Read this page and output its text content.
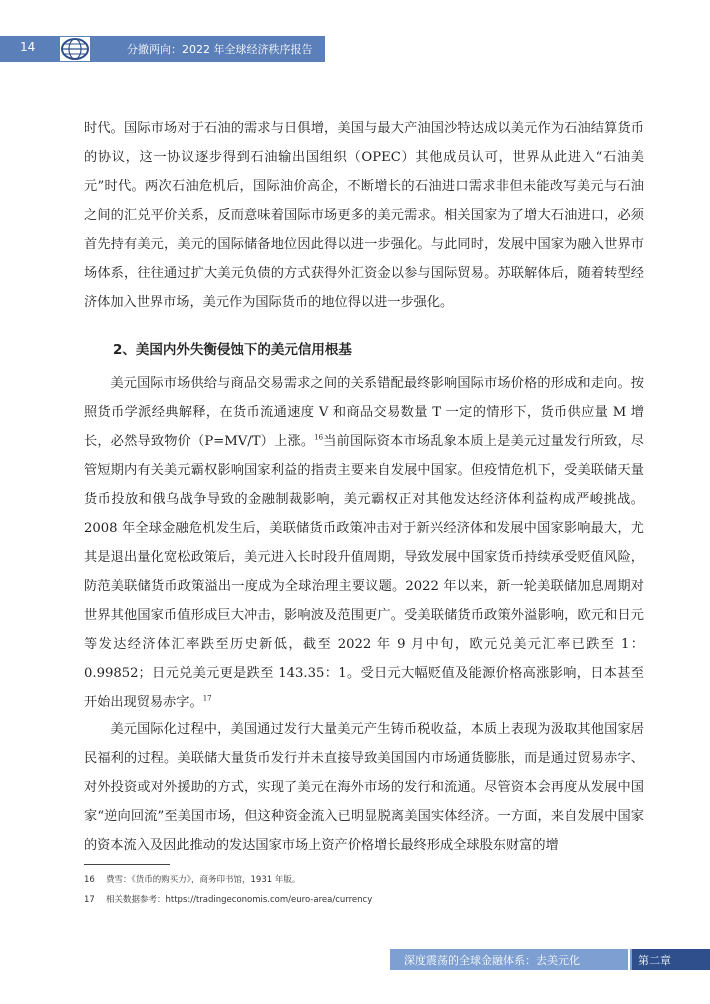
14	分撤两向：2022 年全球经济秩序报告

时代。国际市场对于石油的需求与日俱增，美国与最大产油国沙特达成以美元作为石油结算货币的协议，这一协议逐步得到石油输出国组织（OPEC）其他成员认可，世界从此进入“石油美元”时代。两次石油危机后，国际油价高企，不断增长的石油进口需求非但未能改写美元与石油之间的汇兑平价关系，反而意味着国际市场更多的美元需求。相关国家为了增大石油进口，必须首先持有美元，美元的国际储备地位因此得以进一步强化。与此同时，发展中国家为融入世界市场体系，往往通过扩大美元负债的方式获得外汇资金以参与国际贸易。苏联解体后，随着转型经济体加入世界市场，美元作为国际货币的地位得以进一步强化。

2、美国内外失衡侵蚀下的美元信用根基

美元国际市场供给与商品交易需求之间的关系错配最终影响国际市场价格的形成和走向。按照货币学派经典解释，在货币流通速度 V 和商品交易数量 T 一定的情形下，货币供应量 M 增长，必然导致物价（P=MV/T）上涨。$^{16}$当前国际资本市场乱象本质上是美元过量发行所致，尽管短期内有关美元霸权影响国家利益的指责主要来自发展中国家。但疫情危机下，受美联储天量货币投放和俄乌战争导致的金融制裁影响，美元霸权正对其他发达经济体利益构成严峻挑战。2008 年全球金融危机发生后，美联储货币政策冲击对于新兴经济体和发展中国家影响最大，尤其是退出量化宽松政策后，美元进入长时段升值周期，导致发展中国家货币持续承受贬值风险，防范美联储货币政策溢出一度成为全球治理主要议题。2022 年以来，新一轮美联储加息周期对世界其他国家币值形成巨大冲击，影响波及范围更广。受美联储货币政策外溢影响，欧元和日元等发达经济体汇率跌至历史新低，截至 2022 年 9 月中旬，欧元兑美元汇率已跌至 1：0.99852；日元兑美元更是跌至 143.35：1。受日元大幅贬值及能源价格高涨影响，日本甚至开始出现贸易赤字。$^{17}$

美元国际化过程中，美国通过发行大量美元产生铸币税收益，本质上表现为汲取其他国家居民福利的过程。美联储大量货币发行并未直接导致美国国内市场通货膨胀，而是通过贸易赤字、对外投资或对外援助的方式，实现了美元在海外市场的发行和流通。尽管资本会再度从发展中国家“逆向回流”至美国市场，但这种资金流入已明显脱离美国实体经济。一方面，来自发展中国家的资本流入及因此推动的发达国家市场上资产价格增长最终形成全球股东财富的增

16 费雪：《货币的购买力》，商务印书馆，1931 年版。
17 相关数据参考：https://tradingeconomis.com/euro-area/currency
深度震荡的全球金融体系：去美元化	第二章
